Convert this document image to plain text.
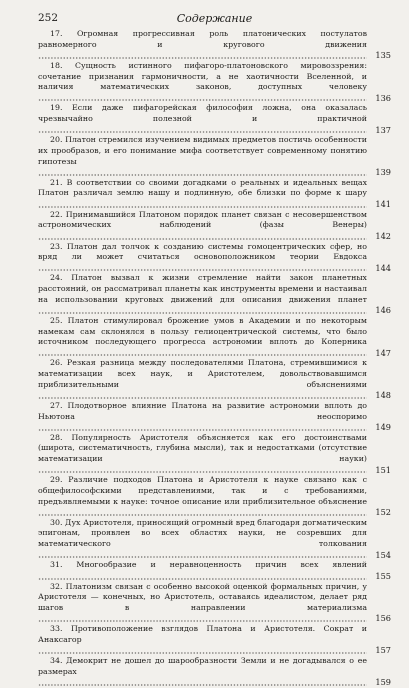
252	Содержание
17. Огромная прогрессивная роль платонических постулатов равномерного и кругового движения
135
18. Сущность истинного пифагоро-платоновского мировоззрения: сочетание признания гармоничности, а не хаотичности Вселенной, и наличия математических законов, доступных человеку
136
19. Если даже пифагорейская философия ложна, она оказалась чрезвычайно полезной и практичной
137
20. Платон стремился изучением видимых предметов постичь особенности их прообразов, и его понимание мифа соответствует современному понятию гипотезы
139
21. В соответствии со своими догадками о реальных и идеальных вещах Платон различал землю нашу и подлинную, обе близки по форме к шару
141
22. Принимавшийся Платоном порядок планет связан с несовершенством астрономических наблюдений (фазы Венеры)
142
23. Платон дал толчок к созданию системы гомоцентрических сфер, но вряд ли может считаться основоположником теории Евдокса
144
24. Платон вызвал к жизни стремление найти закон планетных расстояний, он рассматривал планеты как инструменты времени и настаивал на использовании круговых движений для описания движения планет
146
25. Платон стимулировал брожение умов в Академии и по некоторым намекам сам склонялся в пользу гелиоцентрической системы, что было источником последующего прогресса астрономии вплоть до Коперника
147
26. Резкая разница между последователями Платона, стремившимися к математизации всех наук, и Аристотелем, довольствовавшимся приблизительными объяснениями
148
27. Плодотворное влияние Платона на развитие астрономии вплоть до Ньютона неоспоримо
149
28. Популярность Аристотеля объясняется как его достоинствами (широта, систематичность, глубина мысли), так и недостатками (отсутствие математизации науки)
151
29. Различие подходов Платона и Аристотеля к науке связано как с общефилософскими представлениями, так и с требованиями, предъявляемыми к науке: точное описание или приблизительное объяснение
152
30. Дух Аристотеля, приносящий огромный вред благодаря догматическим эпигонам, проявлен во всех областях науки, не созревших для математического толкования
154
31. Многообразие и неравноценность причин всех явлений
155
32. Платонизм связан с особенно высокой оценкой формальных причин, у Аристотеля — конечных, но Аристотель, оставаясь идеалистом, делает ряд шагов в направлении материализма
156
33. Противоположение взглядов Платона и Аристотеля. Сократ и Анаксагор
157
34. Демокрит не дошел до шарообразности Земли и не догадывался о ее размерах
159
